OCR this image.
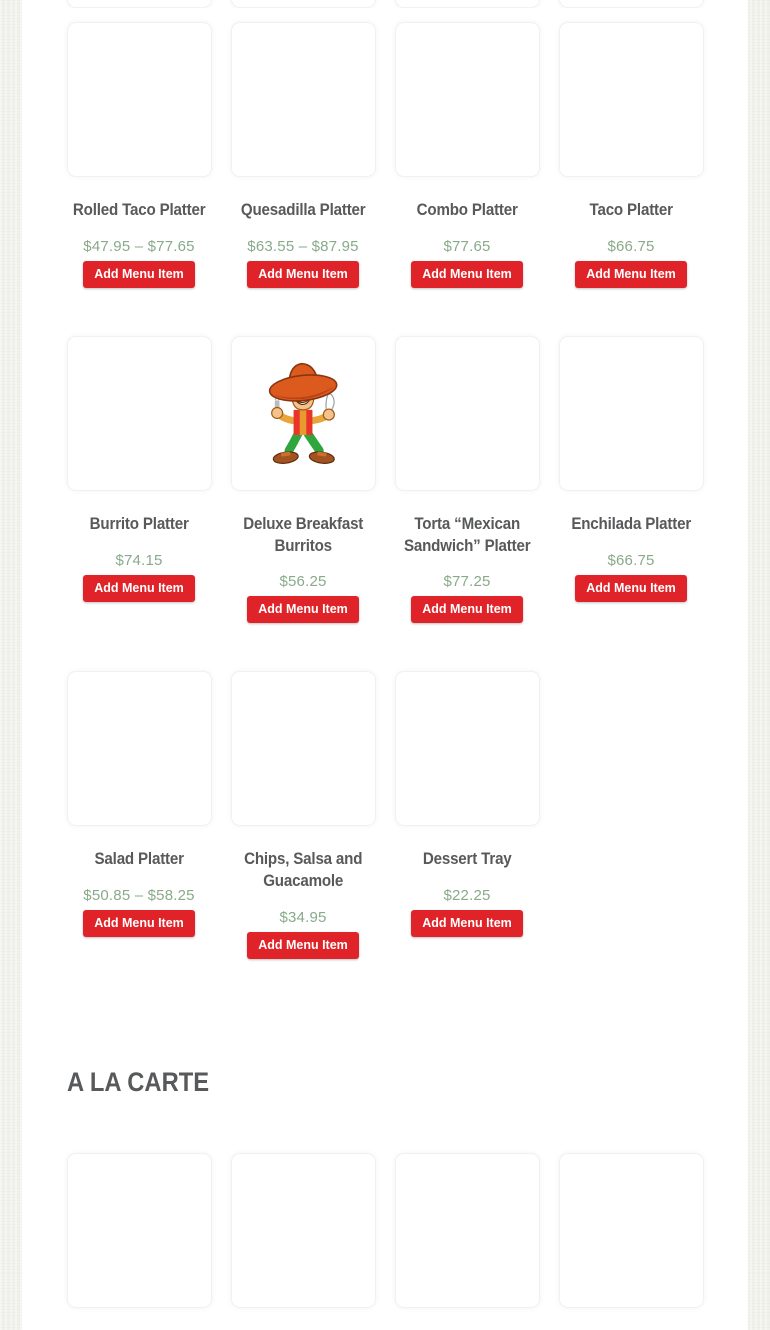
Rolled Taco Platter
$47.95 – $77.65
Add Menu Item
Quesadilla Platter
$63.55 – $87.95
Add Menu Item
Combo Platter
$77.65
Add Menu Item
Taco Platter
$66.75
Add Menu Item
Burrito Platter
$74.15
Add Menu Item
Deluxe Breakfast Burritos
$56.25
Add Menu Item
Torta “Mexican Sandwich” Platter
$77.25
Add Menu Item
Enchilada Platter
$66.75
Add Menu Item
Salad Platter
$50.85 – $58.25
Add Menu Item
Chips, Salsa and Guacamole
$34.95
Add Menu Item
Dessert Tray
$22.25
Add Menu Item
A LA CARTE
